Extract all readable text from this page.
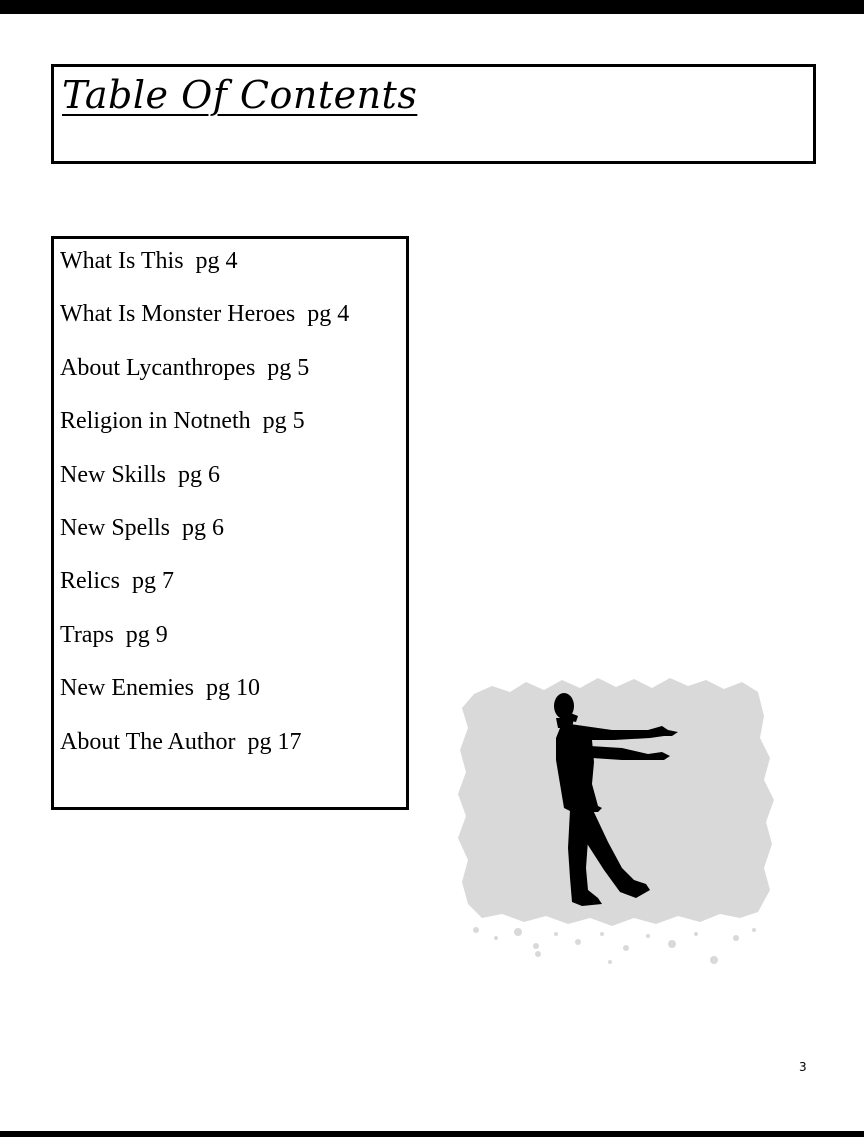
Table Of Contents
What Is This  pg 4
What Is Monster Heroes  pg 4
About Lycanthropes  pg 5
Religion in Notneth  pg 5
New Skills  pg 6
New Spells  pg 6
Relics  pg 7
Traps  pg 9
New Enemies  pg 10
About The Author  pg 17
3
